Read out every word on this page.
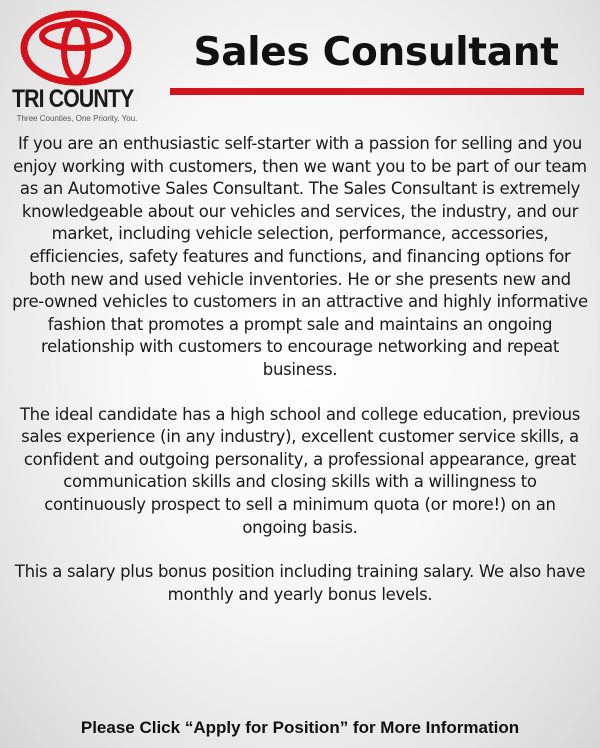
TRI COUNTY
Three Counties, One Priority. You.
Sales Consultant

If you are an enthusiastic self-starter with a passion for selling and you enjoy working with customers, then we want you to be part of our team as an Automotive Sales Consultant. The Sales Consultant is extremely knowledgeable about our vehicles and services, the industry, and our market, including vehicle selection, performance, accessories, efficiencies, safety features and functions, and financing options for both new and used vehicle inventories. He or she presents new and pre-owned vehicles to customers in an attractive and highly informative fashion that promotes a prompt sale and maintains an ongoing relationship with customers to encourage networking and repeat business.

The ideal candidate has a high school and college education, previous sales experience (in any industry), excellent customer service skills, a confident and outgoing personality, a professional appearance, great communication skills and closing skills with a willingness to continuously prospect to sell a minimum quota (or more!) on an ongoing basis.

This a salary plus bonus position including training salary. We also have monthly and yearly bonus levels.

Please Click “Apply for Position” for More Information
